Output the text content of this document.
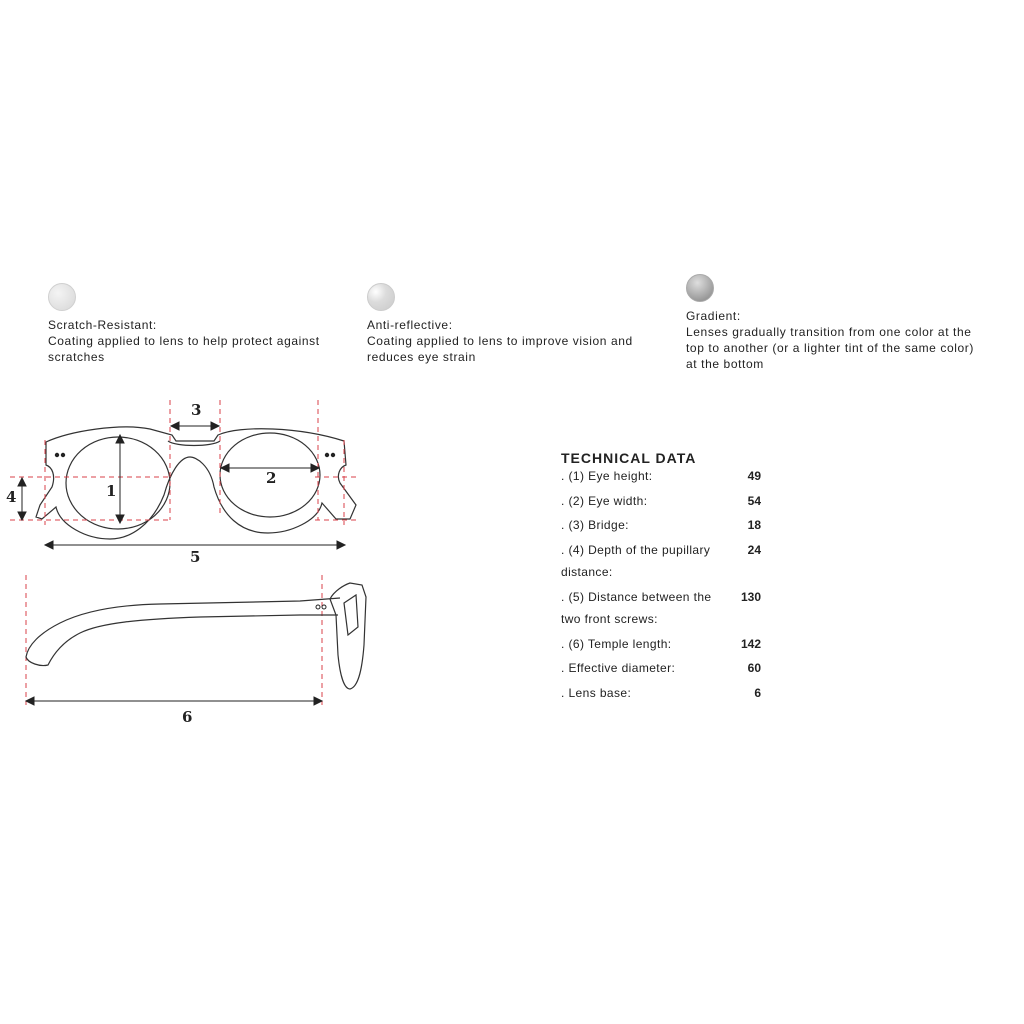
Scratch-Resistant:
Coating applied to lens to help protect against scratches
Anti-reflective:
Coating applied to lens to improve vision and reduces eye strain
Gradient:
Lenses gradually transition from one color at the top to another (or a lighter tint of the same color) at the bottom
1
2
3
4
5
6
TECHNICAL DATA
. (1) Eye height:	49
. (2) Eye width:	54
. (3) Bridge:	18
. (4) Depth of the pupillary distance:
24
. (5) Distance between the two front screws:
130
. (6) Temple length:	142
. Effective diameter:	60
. Lens base:	6
